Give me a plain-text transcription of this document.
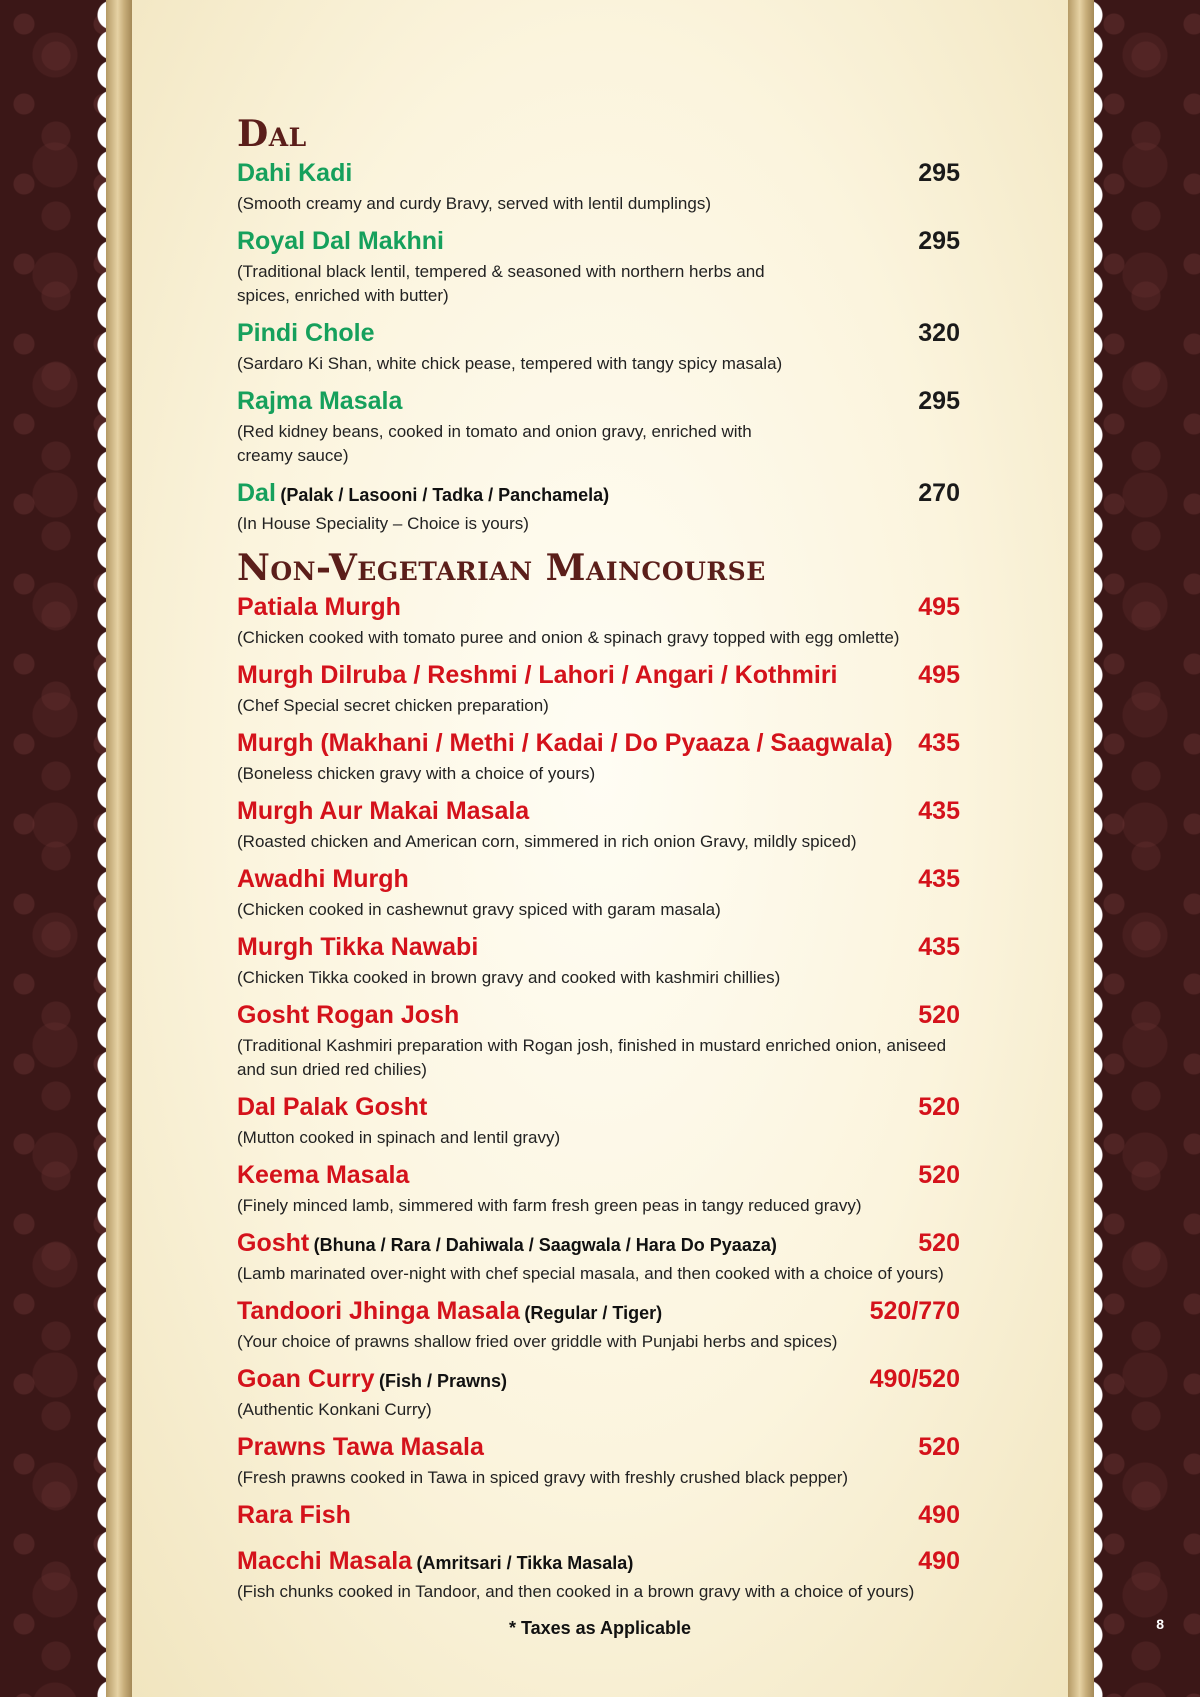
Dal
Dahi Kadi	295
(Smooth creamy and curdy Bravy, served with lentil dumplings)
Royal Dal Makhni	295
(Traditional black lentil, tempered & seasoned with northern herbs and spices, enriched with butter)
Pindi Chole	320
(Sardaro Ki Shan, white chick pease, tempered with tangy spicy masala)
Rajma Masala	295
(Red kidney beans, cooked in tomato and onion gravy, enriched with creamy sauce)
Dal (Palak / Lasooni / Tadka / Panchamela)	270
(In House Speciality – Choice is yours)
Non-Vegetarian Maincourse
Patiala Murgh	495
(Chicken cooked with tomato puree and onion & spinach gravy topped with egg omlette)
Murgh Dilruba / Reshmi / Lahori / Angari / Kothmiri	495
(Chef Special secret chicken preparation)
Murgh (Makhani / Methi / Kadai / Do Pyaaza / Saagwala) 435
(Boneless chicken gravy with a choice of yours)
Murgh Aur Makai Masala	435
(Roasted chicken and American corn, simmered in rich onion Gravy, mildly spiced)
Awadhi Murgh	435
(Chicken cooked in cashewnut gravy spiced with garam masala)
Murgh Tikka Nawabi	435
(Chicken Tikka cooked in brown gravy and cooked with kashmiri chillies)
Gosht Rogan Josh	520
(Traditional Kashmiri preparation with Rogan josh, finished in mustard enriched onion, aniseed and sun dried red chilies)
Dal Palak Gosht	520
(Mutton cooked in spinach and lentil gravy)
Keema Masala	520
(Finely minced lamb, simmered with farm fresh green peas in tangy reduced gravy)
Gosht (Bhuna / Rara / Dahiwala / Saagwala / Hara Do Pyaaza)	520
(Lamb marinated over-night with chef special masala, and then cooked with a choice of yours)
Tandoori Jhinga Masala (Regular / Tiger)	520/770
(Your choice of prawns shallow fried over griddle with Punjabi herbs and spices)
Goan Curry (Fish / Prawns)	490/520
(Authentic Konkani Curry)
Prawns Tawa Masala	520
(Fresh prawns cooked in Tawa in spiced gravy with freshly crushed black pepper)
Rara Fish	490
Macchi Masala (Amritsari / Tikka Masala)	490
(Fish chunks cooked in Tandoor, and then cooked in a brown gravy with a choice of yours)
* Taxes as Applicable	8
